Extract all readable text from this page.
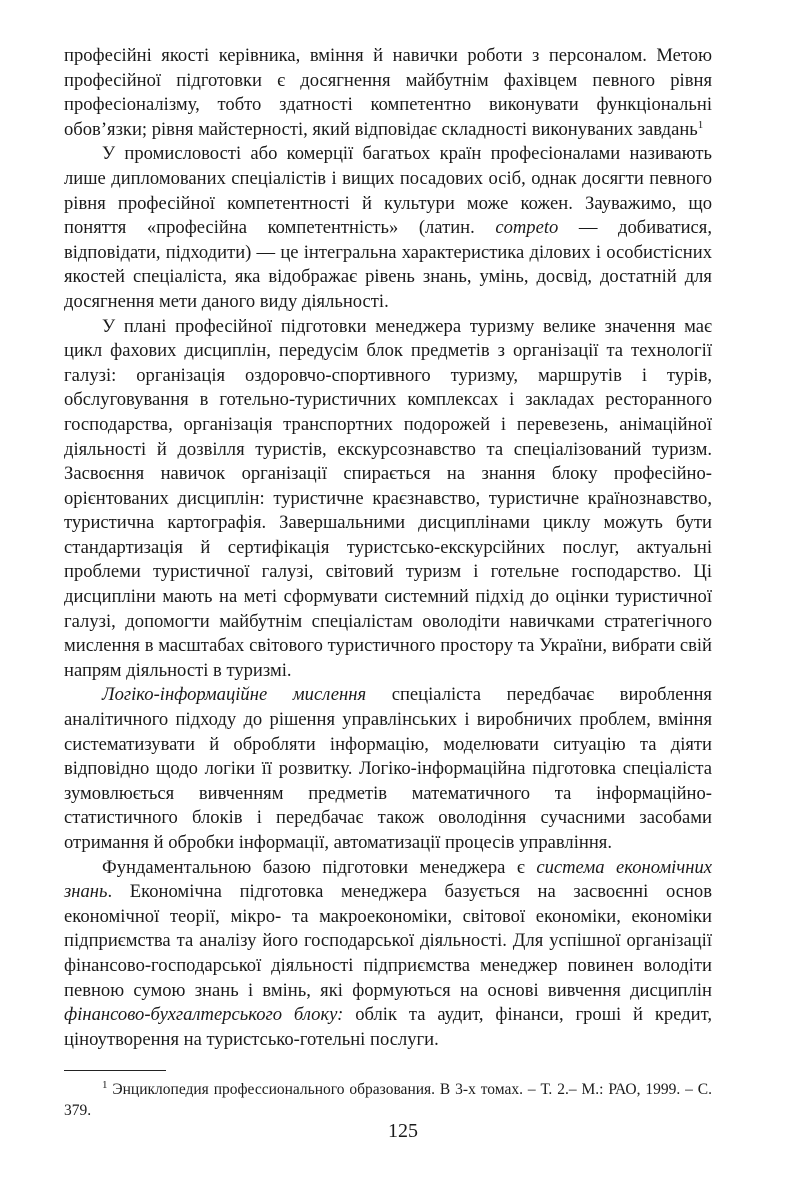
професійні якості керівника, вміння й навички роботи з персоналом. Метою професійної підготовки є досягнення майбутнім фахівцем певного рівня професіоналізму, тобто здатності компетентно виконувати функціональні обов’язки; рівня майстерності, який відповідає складності виконуваних завдань$^1$

У промисловості або комерції багатьох країн професіоналами називають лише дипломованих спеціалістів і вищих посадових осіб, однак досягти певного рівня професійної компетентності й культури може кожен. Зауважимо, що поняття «професійна компетентність» (латин. competo — добиватися, відповідати, підходити) — це інтегральна характеристика ділових і особистісних якостей спеціаліста, яка відображає рівень знань, умінь, досвід, достатній для досягнення мети даного виду діяльності.

У плані професійної підготовки менеджера туризму велике значення має цикл фахових дисциплін, передусім блок предметів з організації та технології галузі: організація оздоровчо-спортивного туризму, маршрутів і турів, обслуговування в готельно-туристичних комплексах і закладах ресторанного господарства, організація транспортних подорожей і перевезень, анімаційної діяльності й дозвілля туристів, екскурсознавство та спеціалізований туризм. Засвоєння навичок організації спирається на знання блоку професійно-орієнтованих дисциплін: туристичне краєзнавство, туристичне країнознавство, туристична картографія. Завершальними дисциплінами циклу можуть бути стандартизація й сертифікація туристсько-екскурсійних послуг, актуальні проблеми туристичної галузі, світовий туризм і готельне господарство. Ці дисципліни мають на меті сформувати системний підхід до оцінки туристичної галузі, допомогти майбутнім спеціалістам оволодіти навичками стратегічного мислення в масштабах світового туристичного простору та України, вибрати свій напрям діяльності в туризмі.

Логіко-інформаційне мислення спеціаліста передбачає вироблення аналітичного підходу до рішення управлінських і виробничих проблем, вміння систематизувати й обробляти інформацію, моделювати ситуацію та діяти відповідно щодо логіки її розвитку. Логіко-інформаційна підготовка спеціаліста зумовлюється вивченням предметів математичного та інформаційно-статистичного блоків і передбачає також оволодіння сучасними засобами отримання й обробки інформації, автоматизації процесів управління.

Фундаментальною базою підготовки менеджера є система економічних знань. Економічна підготовка менеджера базується на засвоєнні основ економічної теорії, мікро- та макроекономіки, світової економіки, економіки підприємства та аналізу його господарської діяльності. Для успішної організації фінансово-господарської діяльності підприємства менеджер повинен володіти певною сумою знань і вмінь, які формуються на основі вивчення дисциплін фінансово-бухгалтерського блоку: облік та аудит, фінанси, гроші й кредит, ціноутворення на туристсько-готельні послуги.

$^1$ Энциклопедия профессионального образования. В 3-х томах. – Т. 2.– М.: РАО, 1999. – С. 379.

125
